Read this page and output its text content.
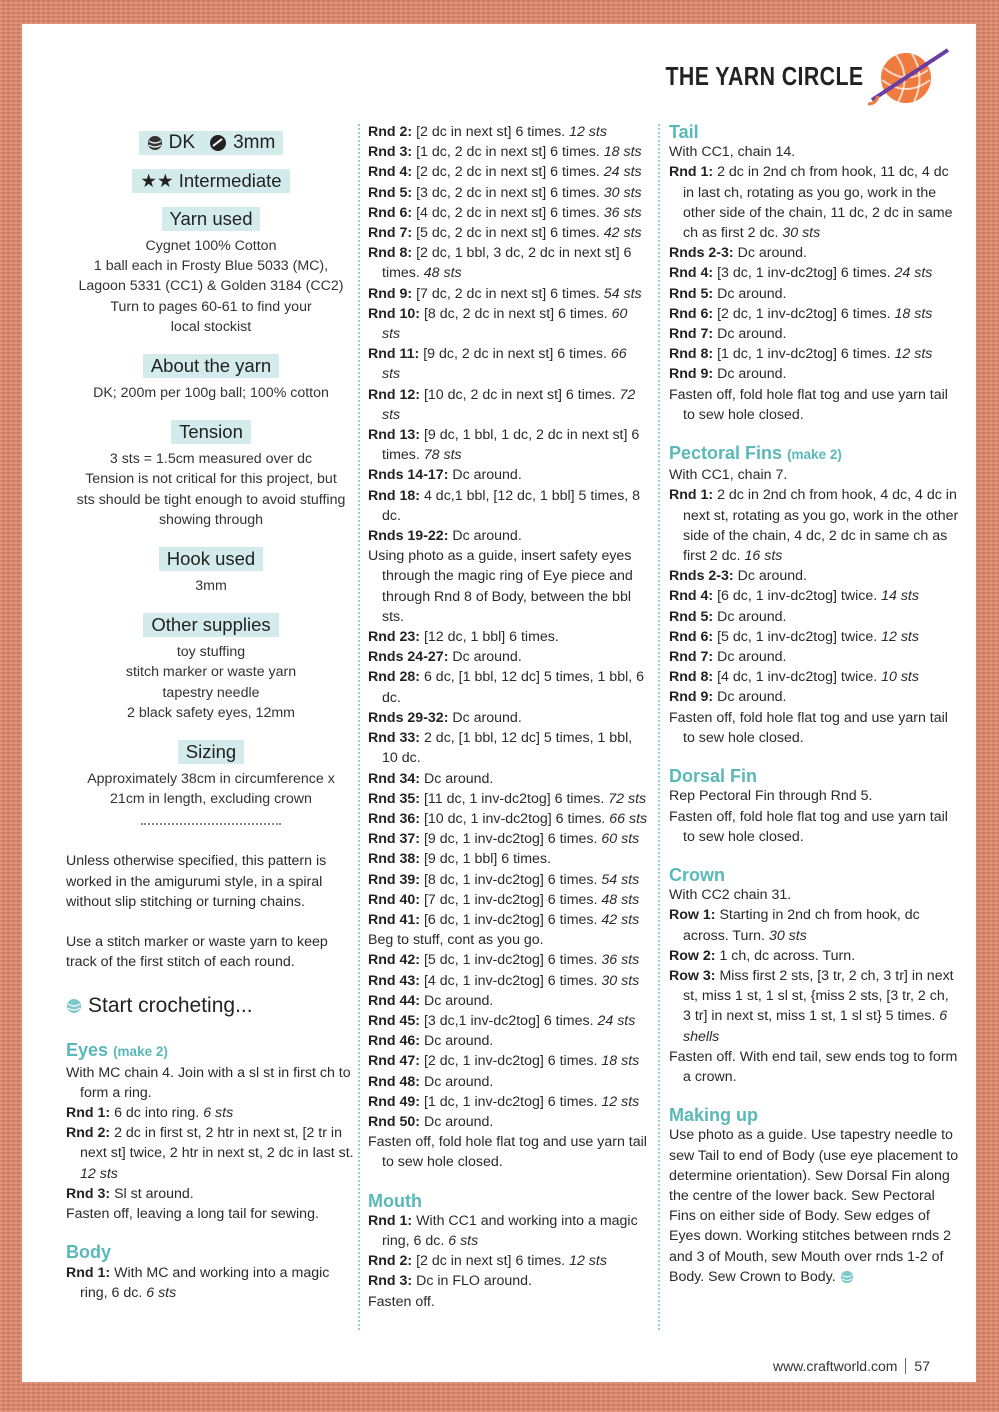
THE YARN CIRCLE
DK 3mm
★★ Intermediate
Yarn used

Cygnet 100% Cotton

1 ball each in Frosty Blue 5033 (MC),

Lagoon 5331 (CC1) & Golden 3184 (CC2)

Turn to pages 60-61 to find your

local stockist

About the yarn

DK; 200m per 100g ball; 100% cotton

Tension

3 sts = 1.5cm measured over dc

Tension is not critical for this project, but

sts should be tight enough to avoid stuffing

showing through

Hook used

3mm

Other supplies

toy stuffing

stitch marker or waste yarn

tapestry needle

2 black safety eyes, 12mm

Sizing

Approximately 38cm in circumference x

21cm in length, excluding crown

Unless otherwise specified, this pattern is worked in the amigurumi style, in a spiral without slip stitching or turning chains.

Use a stitch marker or waste yarn to keep track of the first stitch of each round.

Start crocheting...
Eyes (make 2)
With MC chain 4. Join with a sl st in first ch to form a ring.
Rnd 1: 6 dc into ring. 6 sts
Rnd 2: 2 dc in first st, 2 htr in next st, [2 tr in next st] twice, 2 htr in next st, 2 dc in last st. 12 sts
Rnd 3: Sl st around.
Fasten off, leaving a long tail for sewing.
Body
Rnd 1: With MC and working into a magic ring, 6 dc. 6 sts
Rnd 2: [2 dc in next st] 6 times. 12 sts
Rnd 3: [1 dc, 2 dc in next st] 6 times. 18 sts
Rnd 4: [2 dc, 2 dc in next st] 6 times. 24 sts
Rnd 5: [3 dc, 2 dc in next st] 6 times. 30 sts
Rnd 6: [4 dc, 2 dc in next st] 6 times. 36 sts
Rnd 7: [5 dc, 2 dc in next st] 6 times. 42 sts
Rnd 8: [2 dc, 1 bbl, 3 dc, 2 dc in next st] 6 times. 48 sts
Rnd 9: [7 dc, 2 dc in next st] 6 times. 54 sts
Rnd 10: [8 dc, 2 dc in next st] 6 times. 60 sts
Rnd 11: [9 dc, 2 dc in next st] 6 times. 66 sts
Rnd 12: [10 dc, 2 dc in next st] 6 times. 72 sts
Rnd 13: [9 dc, 1 bbl, 1 dc, 2 dc in next st] 6 times. 78 sts
Rnds 14-17: Dc around.
Rnd 18: 4 dc,1 bbl, [12 dc, 1 bbl] 5 times, 8 dc.
Rnds 19-22: Dc around.
Using photo as a guide, insert safety eyes through the magic ring of Eye piece and through Rnd 8 of Body, between the bbl sts.
Rnd 23: [12 dc, 1 bbl] 6 times.
Rnds 24-27: Dc around.
Rnd 28: 6 dc, [1 bbl, 12 dc] 5 times, 1 bbl, 6 dc.
Rnds 29-32: Dc around.
Rnd 33: 2 dc, [1 bbl, 12 dc] 5 times, 1 bbl, 10 dc.
Rnd 34: Dc around.
Rnd 35: [11 dc, 1 inv-dc2tog] 6 times. 72 sts
Rnd 36: [10 dc, 1 inv-dc2tog] 6 times. 66 sts
Rnd 37: [9 dc, 1 inv-dc2tog] 6 times. 60 sts
Rnd 38: [9 dc, 1 bbl] 6 times.
Rnd 39: [8 dc, 1 inv-dc2tog] 6 times. 54 sts
Rnd 40: [7 dc, 1 inv-dc2tog] 6 times. 48 sts
Rnd 41: [6 dc, 1 inv-dc2tog] 6 times. 42 sts
Beg to stuff, cont as you go.
Rnd 42: [5 dc, 1 inv-dc2tog] 6 times. 36 sts
Rnd 43: [4 dc, 1 inv-dc2tog] 6 times. 30 sts
Rnd 44: Dc around.
Rnd 45: [3 dc,1 inv-dc2tog] 6 times. 24 sts
Rnd 46: Dc around.
Rnd 47: [2 dc, 1 inv-dc2tog] 6 times. 18 sts
Rnd 48: Dc around.
Rnd 49: [1 dc, 1 inv-dc2tog] 6 times. 12 sts
Rnd 50: Dc around.
Fasten off, fold hole flat tog and use yarn tail to sew hole closed.
Mouth
Rnd 1: With CC1 and working into a magic ring, 6 dc. 6 sts
Rnd 2: [2 dc in next st] 6 times. 12 sts
Rnd 3: Dc in FLO around.
Fasten off.
Tail
With CC1, chain 14.
Rnd 1: 2 dc in 2nd ch from hook, 11 dc, 4 dc in last ch, rotating as you go, work in the other side of the chain, 11 dc, 2 dc in same ch as first 2 dc. 30 sts
Rnds 2-3: Dc around.
Rnd 4: [3 dc, 1 inv-dc2tog] 6 times. 24 sts
Rnd 5: Dc around.
Rnd 6: [2 dc, 1 inv-dc2tog] 6 times. 18 sts
Rnd 7: Dc around.
Rnd 8: [1 dc, 1 inv-dc2tog] 6 times. 12 sts
Rnd 9: Dc around.
Fasten off, fold hole flat tog and use yarn tail to sew hole closed.
Pectoral Fins (make 2)
With CC1, chain 7.
Rnd 1: 2 dc in 2nd ch from hook, 4 dc, 4 dc in next st, rotating as you go, work in the other side of the chain, 4 dc, 2 dc in same ch as first 2 dc. 16 sts
Rnds 2-3: Dc around.
Rnd 4: [6 dc, 1 inv-dc2tog] twice. 14 sts
Rnd 5: Dc around.
Rnd 6: [5 dc, 1 inv-dc2tog] twice. 12 sts
Rnd 7: Dc around.
Rnd 8: [4 dc, 1 inv-dc2tog] twice. 10 sts
Rnd 9: Dc around.
Fasten off, fold hole flat tog and use yarn tail to sew hole closed.
Dorsal Fin
Rep Pectoral Fin through Rnd 5.
Fasten off, fold hole flat tog and use yarn tail to sew hole closed.
Crown
With CC2 chain 31.
Row 1: Starting in 2nd ch from hook, dc across. Turn. 30 sts
Row 2: 1 ch, dc across. Turn.
Row 3: Miss first 2 sts, [3 tr, 2 ch, 3 tr] in next st, miss 1 st, 1 sl st, {miss 2 sts, [3 tr, 2 ch, 3 tr] in next st, miss 1 st, 1 sl st} 5 times. 6 shells
Fasten off. With end tail, sew ends tog to form a crown.
Making up
Use photo as a guide. Use tapestry needle to sew Tail to end of Body (use eye placement to determine orientation). Sew Dorsal Fin along the centre of the lower back. Sew Pectoral Fins on either side of Body. Sew edges of Eyes down. Working stitches between rnds 2 and 3 of Mouth, sew Mouth over rnds 1-2 of Body. Sew Crown to Body.
www.craftworld.com 57
